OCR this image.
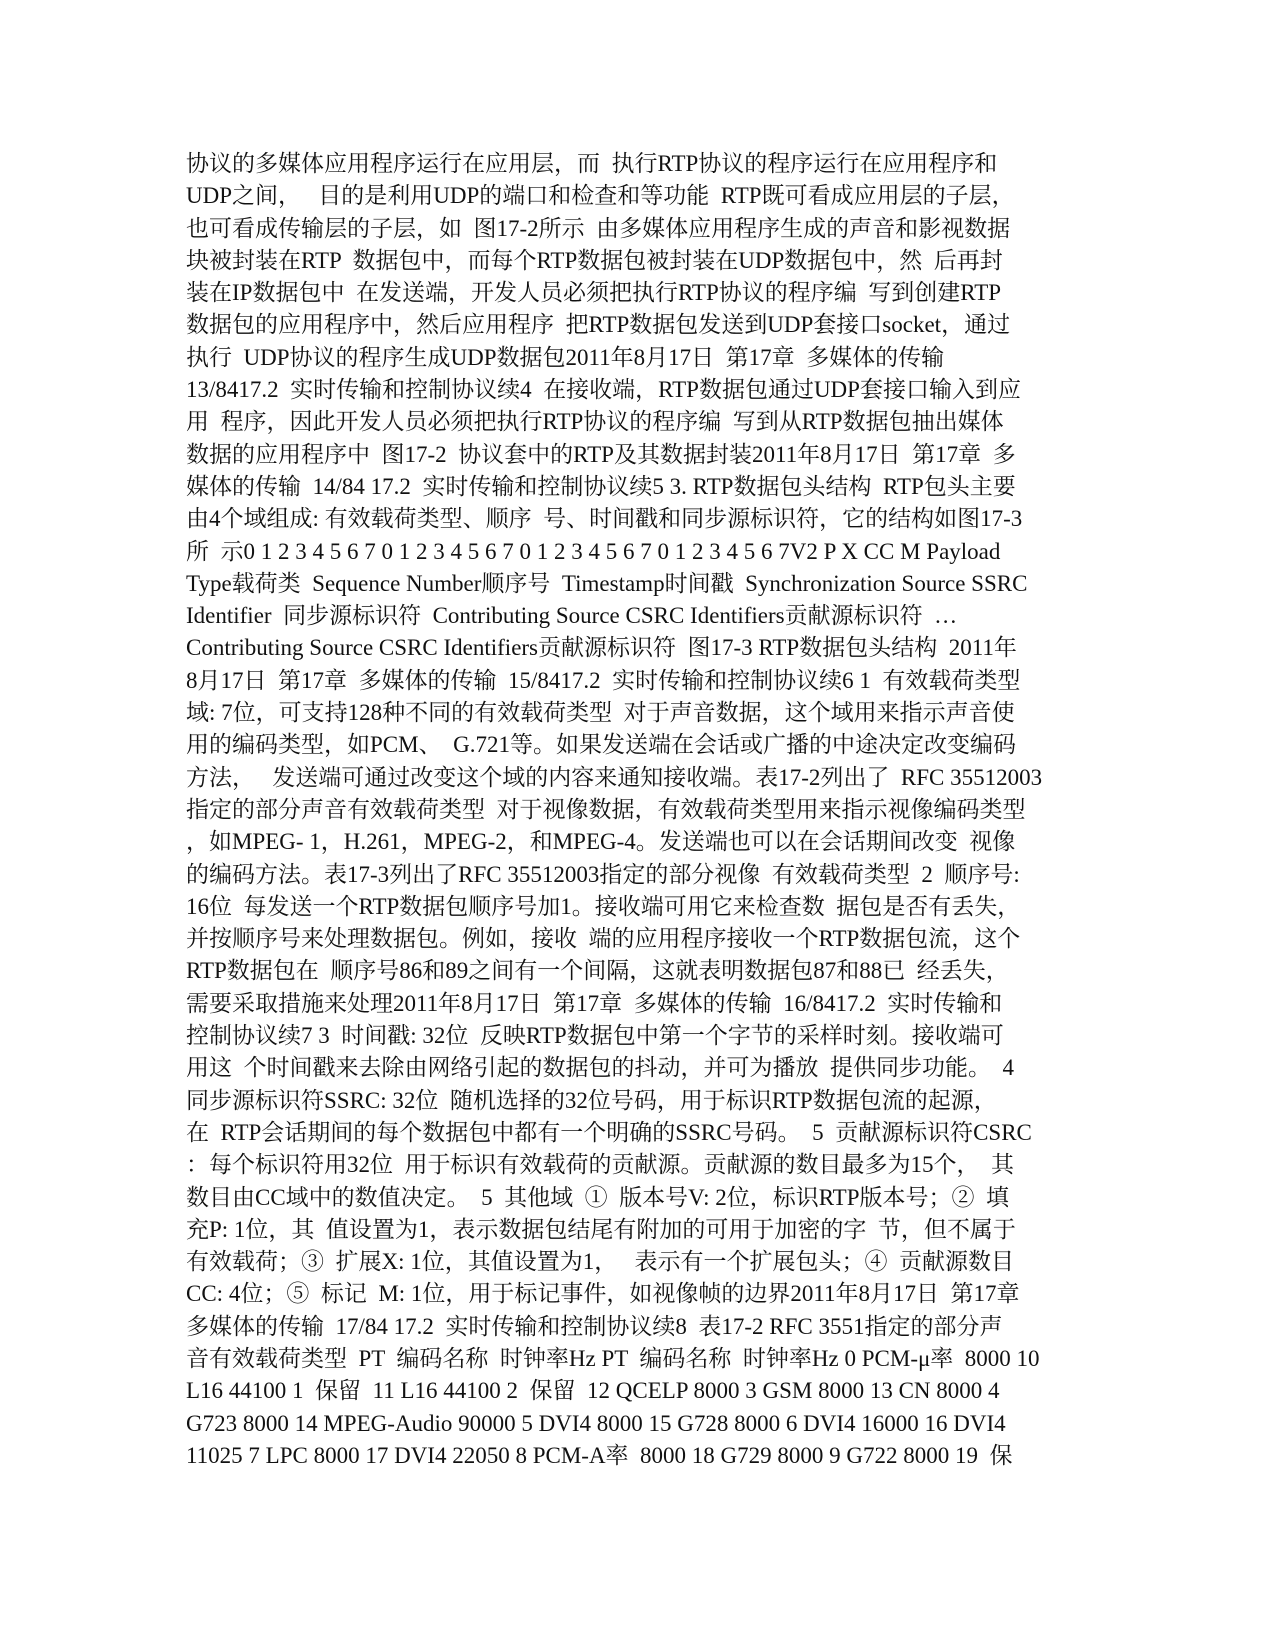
协议的多媒体应用程序运行在应用层，而  执行RTP协议的程序运行在应用程序和
UDP之间，   目的是利用UDP的端口和检查和等功能  RTP既可看成应用层的子层，
也可看成传输层的子层，如  图17-2所示  由多媒体应用程序生成的声音和影视数据
块被封装在RTP  数据包中，而每个RTP数据包被封装在UDP数据包中，然  后再封
装在IP数据包中  在发送端，开发人员必须把执行RTP协议的程序编  写到创建RTP
数据包的应用程序中，然后应用程序  把RTP数据包发送到UDP套接口socket，通过
执行  UDP协议的程序生成UDP数据包2011年8月17日  第17章  多媒体的传输
13/8417.2  实时传输和控制协议续4  在接收端，RTP数据包通过UDP套接口输入到应
用  程序，因此开发人员必须把执行RTP协议的程序编  写到从RTP数据包抽出媒体
数据的应用程序中  图17-2  协议套中的RTP及其数据封装2011年8月17日  第17章  多
媒体的传输  14/84 17.2  实时传输和控制协议续5 3. RTP数据包头结构  RTP包头主要
由4个域组成: 有效载荷类型、顺序  号、时间戳和同步源标识符，它的结构如图17-3
所  示0 1 2 3 4 5 6 7 0 1 2 3 4 5 6 7 0 1 2 3 4 5 6 7 0 1 2 3 4 5 6 7V2 P X CC M Payload
Type载荷类  Sequence Number顺序号  Timestamp时间戳  Synchronization Source SSRC
Identifier  同步源标识符  Contributing Source CSRC Identifiers贡献源标识符  …
Contributing Source CSRC Identifiers贡献源标识符  图17-3 RTP数据包头结构  2011年
8月17日  第17章  多媒体的传输  15/8417.2  实时传输和控制协议续6 1  有效载荷类型
域: 7位，可支持128种不同的有效载荷类型  对于声音数据，这个域用来指示声音使
用的编码类型，如PCM、  G.721等。如果发送端在会话或广播的中途决定改变编码
方法，   发送端可通过改变这个域的内容来通知接收端。表17-2列出了  RFC 35512003
指定的部分声音有效载荷类型  对于视像数据，有效载荷类型用来指示视像编码类型
，如MPEG- 1，H.261，MPEG-2，和MPEG-4。发送端也可以在会话期间改变  视像
的编码方法。表17-3列出了RFC 35512003指定的部分视像  有效载荷类型  2  顺序号:
16位  每发送一个RTP数据包顺序号加1。接收端可用它来检查数  据包是否有丢失，
并按顺序号来处理数据包。例如，接收  端的应用程序接收一个RTP数据包流，这个
RTP数据包在  顺序号86和89之间有一个间隔，这就表明数据包87和88已  经丢失，
需要采取措施来处理2011年8月17日  第17章  多媒体的传输  16/8417.2  实时传输和
控制协议续7 3  时间戳: 32位  反映RTP数据包中第一个字节的采样时刻。接收端可
用这  个时间戳来去除由网络引起的数据包的抖动，并可为播放  提供同步功能。  4
同步源标识符SSRC: 32位  随机选择的32位号码，用于标识RTP数据包流的起源，
在  RTP会话期间的每个数据包中都有一个明确的SSRC号码。  5  贡献源标识符CSRC
：每个标识符用32位  用于标识有效载荷的贡献源。贡献源的数目最多为15个，  其
数目由CC域中的数值决定。  5  其他域  ①  版本号V: 2位，标识RTP版本号；②  填
充P: 1位，其  值设置为1，表示数据包结尾有附加的可用于加密的字  节，但不属于
有效载荷；③  扩展X: 1位，其值设置为1，   表示有一个扩展包头；④  贡献源数目
CC: 4位；⑤  标记  M: 1位，用于标记事件，如视像帧的边界2011年8月17日  第17章
多媒体的传输  17/84 17.2  实时传输和控制协议续8  表17-2 RFC 3551指定的部分声
音有效载荷类型  PT  编码名称  时钟率Hz PT  编码名称  时钟率Hz 0 PCM-μ率  8000 10
L16 44100 1  保留  11 L16 44100 2  保留  12 QCELP 8000 3 GSM 8000 13 CN 8000 4
G723 8000 14 MPEG-Audio 90000 5 DVI4 8000 15 G728 8000 6 DVI4 16000 16 DVI4
11025 7 LPC 8000 17 DVI4 22050 8 PCM-A率  8000 18 G729 8000 9 G722 8000 19  保
